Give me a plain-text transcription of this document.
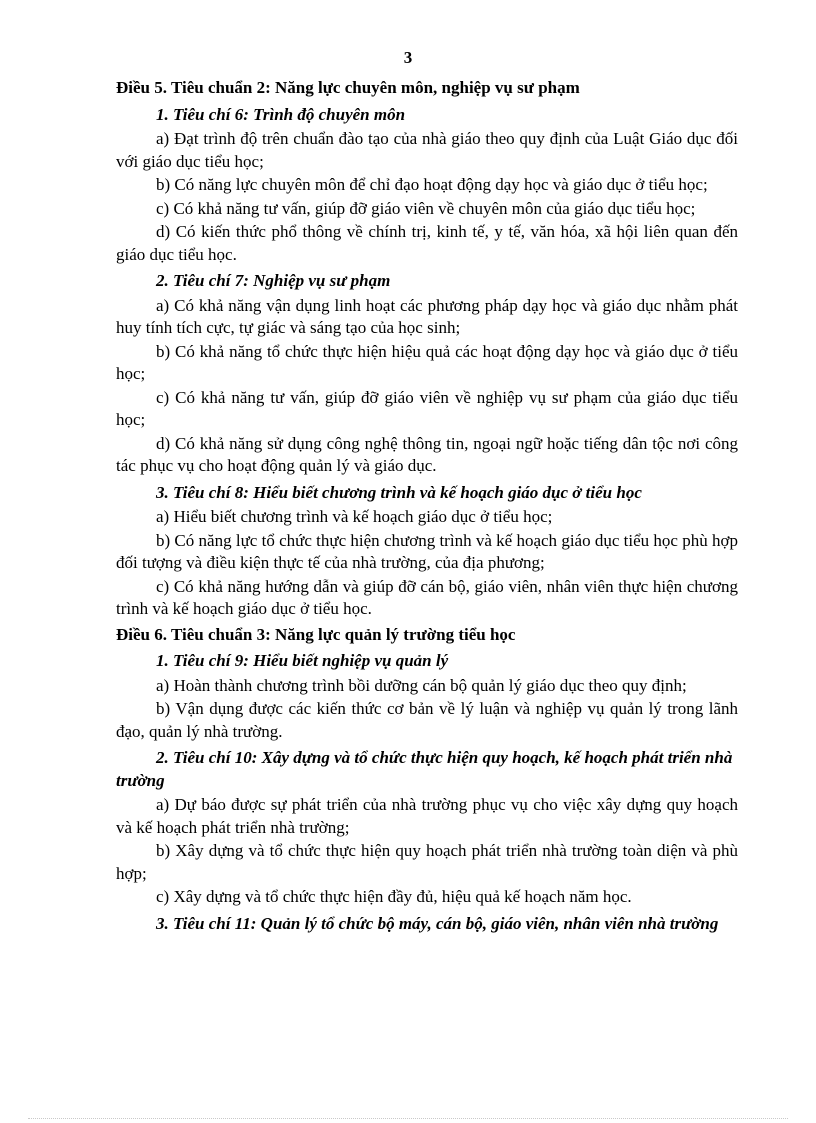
3
Điều 5. Tiêu chuẩn 2: Năng lực chuyên môn, nghiệp vụ sư phạm
1. Tiêu chí 6: Trình độ chuyên môn
a) Đạt trình độ trên chuẩn đào tạo của nhà giáo theo quy định của Luật Giáo dục đối với giáo dục tiểu học;
b) Có năng lực chuyên môn để chỉ đạo hoạt động dạy học và giáo dục ở tiểu học;
c) Có khả năng tư vấn, giúp đỡ giáo viên về chuyên môn của giáo dục tiểu học;
d) Có kiến thức phổ thông về chính trị, kinh tế, y tế, văn hóa, xã hội liên quan đến giáo dục tiểu học.
2. Tiêu chí 7: Nghiệp vụ sư phạm
a) Có khả năng vận dụng linh hoạt các phương pháp dạy học và giáo dục nhằm phát huy tính tích cực, tự giác và sáng tạo của học sinh;
b) Có khả năng tổ chức thực hiện hiệu quả các hoạt động dạy học và giáo dục ở tiểu học;
c) Có khả năng tư vấn, giúp đỡ giáo viên về nghiệp vụ sư phạm của giáo dục tiểu học;
d) Có khả năng sử dụng công nghệ thông tin, ngoại ngữ hoặc tiếng dân tộc nơi công tác phục vụ cho hoạt động quản lý và giáo dục.
3. Tiêu chí 8: Hiểu biết chương trình và kế hoạch giáo dục ở tiểu học
a) Hiểu biết chương trình và kế hoạch giáo dục ở tiểu học;
b) Có năng lực tổ chức thực hiện chương trình và kế hoạch giáo dục tiểu học phù hợp đối tượng và điều kiện thực tế của nhà trường, của địa phương;
c) Có khả năng hướng dẫn và giúp đỡ cán bộ, giáo viên, nhân viên thực hiện chương trình và kế hoạch giáo dục ở tiểu học.
Điều 6. Tiêu chuẩn 3: Năng lực quản lý trường tiểu học
1. Tiêu chí 9: Hiểu biết nghiệp vụ quản lý
a) Hoàn thành chương trình bồi dưỡng cán bộ quản lý giáo dục theo quy định;
b) Vận dụng được các kiến thức cơ bản về lý luận và nghiệp vụ quản lý trong lãnh đạo, quản lý nhà trường.
2. Tiêu chí 10: Xây dựng và tổ chức thực hiện quy hoạch, kế hoạch phát triển nhà trường
a) Dự báo được sự phát triển của nhà trường phục vụ cho việc xây dựng quy hoạch và kế hoạch phát triển nhà trường;
b) Xây dựng và tổ chức thực hiện quy hoạch phát triển nhà trường toàn diện và phù hợp;
c) Xây dựng và tổ chức thực hiện đầy đủ, hiệu quả kế hoạch năm học.
3. Tiêu chí 11: Quản lý tổ chức bộ máy, cán bộ, giáo viên, nhân viên nhà trường
